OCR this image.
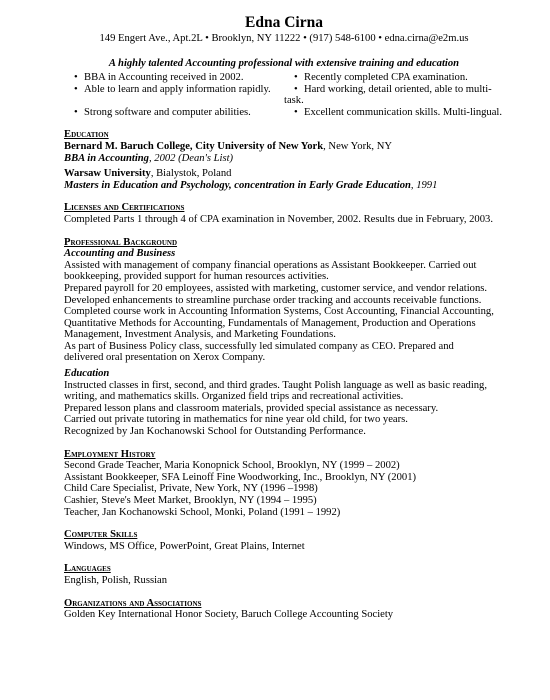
Edna Cirna
149 Engert Ave., Apt.2L • Brooklyn, NY 11222 • (917) 548-6100 • edna.cirna@e2m.us
A highly talented Accounting professional with extensive training and education
• BBA in Accounting received in 2002.	• Recently completed CPA examination.
• Able to learn and apply information rapidly.	• Hard working, detail oriented, able to multi-task.
• Strong software and computer abilities.	• Excellent communication skills. Multi-lingual.
Education
Bernard M. Baruch College, City University of New York, New York, NY
BBA in Accounting, 2002 (Dean's List)
Warsaw University, Bialystok, Poland
Masters in Education and Psychology, concentration in Early Grade Education, 1991
Licenses and Certifications
Completed Parts 1 through 4 of CPA examination in November, 2002. Results due in February, 2003.
Professional Background
Accounting and Business
Assisted with management of company financial operations as Assistant Bookkeeper. Carried out
bookkeeping, provided support for human resources activities.
Prepared payroll for 20 employees, assisted with marketing, customer service, and vendor relations.
Developed enhancements to streamline purchase order tracking and accounts receivable functions.
Completed course work in Accounting Information Systems, Cost Accounting, Financial Accounting,
Quantitative Methods for Accounting, Fundamentals of Management, Production and Operations
Management, Investment Analysis, and Marketing Foundations.
As part of Business Policy class, successfully led simulated company as CEO. Prepared and
delivered oral presentation on Xerox Company.
Education
Instructed classes in first, second, and third grades. Taught Polish language as well as basic reading,
writing, and mathematics skills. Organized field trips and recreational activities.
Prepared lesson plans and classroom materials, provided special assistance as necessary.
Carried out private tutoring in mathematics for nine year old child, for two years.
Recognized by Jan Kochanowski School for Outstanding Performance.
Employment History
Second Grade Teacher, Maria Konopnick School, Brooklyn, NY (1999 – 2002)
Assistant Bookkeeper, SFA Leinoff Fine Woodworking, Inc., Brooklyn, NY (2001)
Child Care Specialist, Private, New York, NY (1996 –1998)
Cashier, Steve's Meet Market, Brooklyn, NY (1994 – 1995)
Teacher, Jan Kochanowski School, Monki, Poland (1991 – 1992)
Computer Skills
Windows, MS Office, PowerPoint, Great Plains, Internet
Languages
English, Polish, Russian
Organizations and Associations
Golden Key International Honor Society, Baruch College Accounting Society
